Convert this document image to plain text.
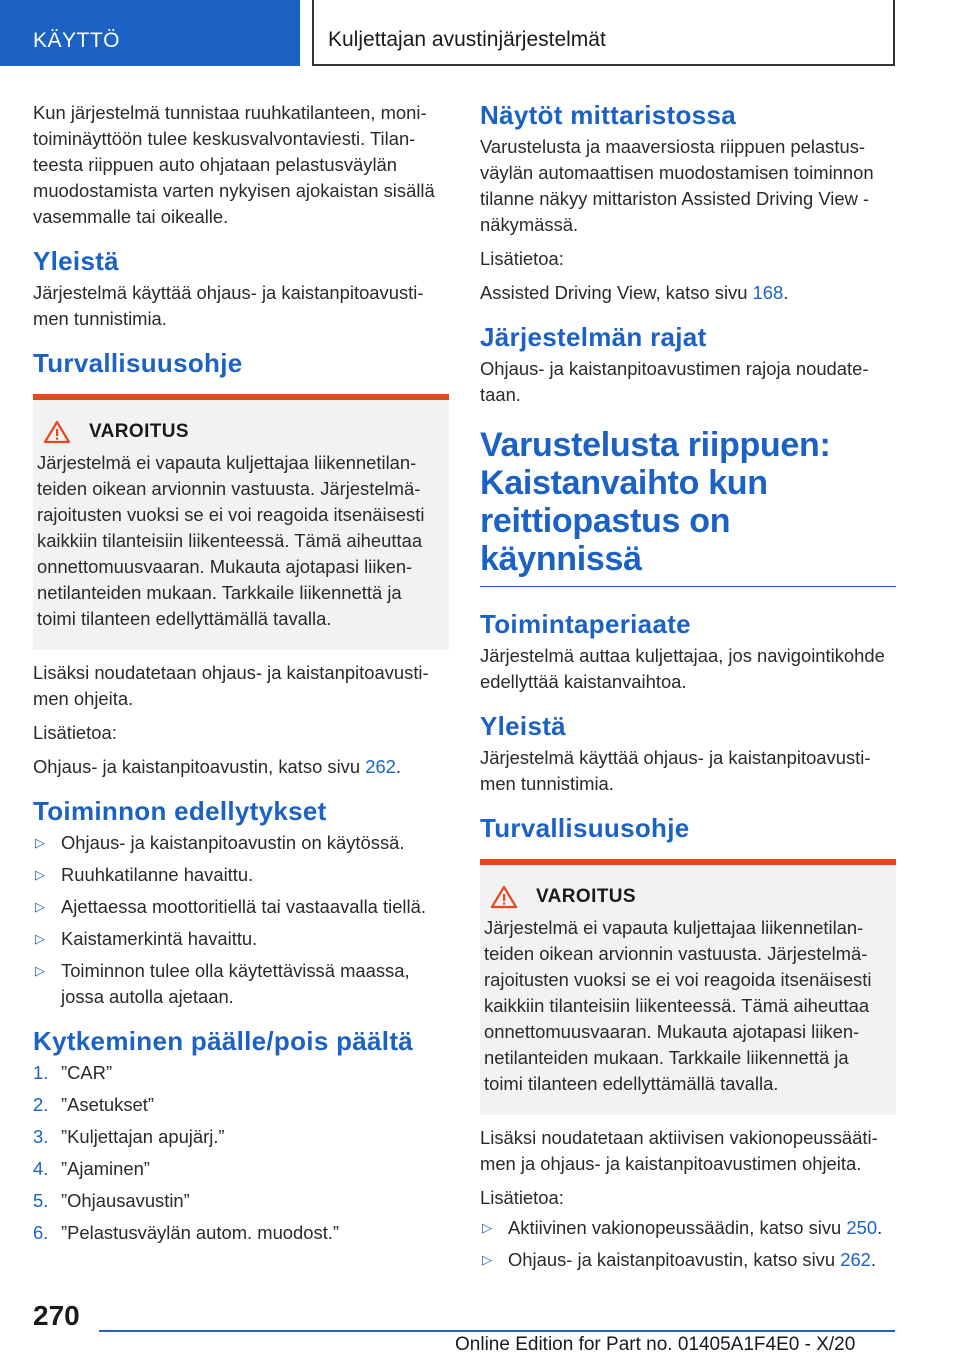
KÄYTTÖ	Kuljettajan avustinjärjestelmät

Kun järjestelmä tunnistaa ruuhkatilanteen, moni-toiminäyttöön tulee keskusvalvontaviesti. Tilan-teesta riippuen auto ohjataan pelastusväylän muodostamista varten nykyisen ajokaistan sisällä vasemmalle tai oikealle.

Yleistä

Järjestelmä käyttää ohjaus- ja kaistanpitoavusti-men tunnistimia.

Turvallisuusohje
VAROITUS

Järjestelmä ei vapauta kuljettajaa liikennetilan-teiden oikean arvionnin vastuusta. Järjestelmä-rajoitusten vuoksi se ei voi reagoida itsenäisesti kaikkiin tilanteisiin liikenteessä. Tämä aiheuttaa onnettomuusvaaran. Mukauta ajotapasi liiken-netilanteiden mukaan. Tarkkaile liikennettä ja toimi tilanteen edellyttämällä tavalla.

Lisäksi noudatetaan ohjaus- ja kaistanpitoavusti-men ohjeita.

Lisätietoa:

Ohjaus- ja kaistanpitoavustin, katso sivu 262.

Toiminnon edellytykset
▷ Ohjaus- ja kaistanpitoavustin on käytössä.
▷ Ruuhkatilanne havaittu.
▷ Ajettaessa moottoritiellä tai vastaavalla tiellä.
▷ Kaistamerkintä havaittu.
▷ Toiminnon tulee olla käytettävissä maassa, jossa autolla ajetaan.
Kytkeminen päälle/pois päältä
1. ”CAR”
2. ”Asetukset”
3. ”Kuljettajan apujärj.”
4. ”Ajaminen”
5. ”Ohjausavustin”
6. ”Pelastusväylän autom. muodost.”
Näytöt mittaristossa

Varustelusta ja maaversiosta riippuen pelastus-väylän automaattisen muodostamisen toiminnon tilanne näkyy mittariston Assisted Driving View -näkymässä.

Lisätietoa:

Assisted Driving View, katso sivu 168.

Järjestelmän rajat

Ohjaus- ja kaistanpitoavustimen rajoja noudate-taan.

Varustelusta riippuen: Kaistanvaihto kun reittiopastus on käynnissä
Toimintaperiaate

Järjestelmä auttaa kuljettajaa, jos navigointikohde edellyttää kaistanvaihtoa.

Yleistä

Järjestelmä käyttää ohjaus- ja kaistanpitoavusti-men tunnistimia.

Turvallisuusohje
VAROITUS

Järjestelmä ei vapauta kuljettajaa liikennetilan-teiden oikean arvionnin vastuusta. Järjestelmä-rajoitusten vuoksi se ei voi reagoida itsenäisesti kaikkiin tilanteisiin liikenteessä. Tämä aiheuttaa onnettomuusvaaran. Mukauta ajotapasi liiken-netilanteiden mukaan. Tarkkaile liikennettä ja toimi tilanteen edellyttämällä tavalla.

Lisäksi noudatetaan aktiivisen vakionopeussääti-men ja ohjaus- ja kaistanpitoavustimen ohjeita.

Lisätietoa:

▷ Aktiivinen vakionopeussäädin, katso sivu 250.
▷ Ohjaus- ja kaistanpitoavustin, katso sivu 262.
270
Online Edition for Part no. 01405A1F4E0 - X/20
